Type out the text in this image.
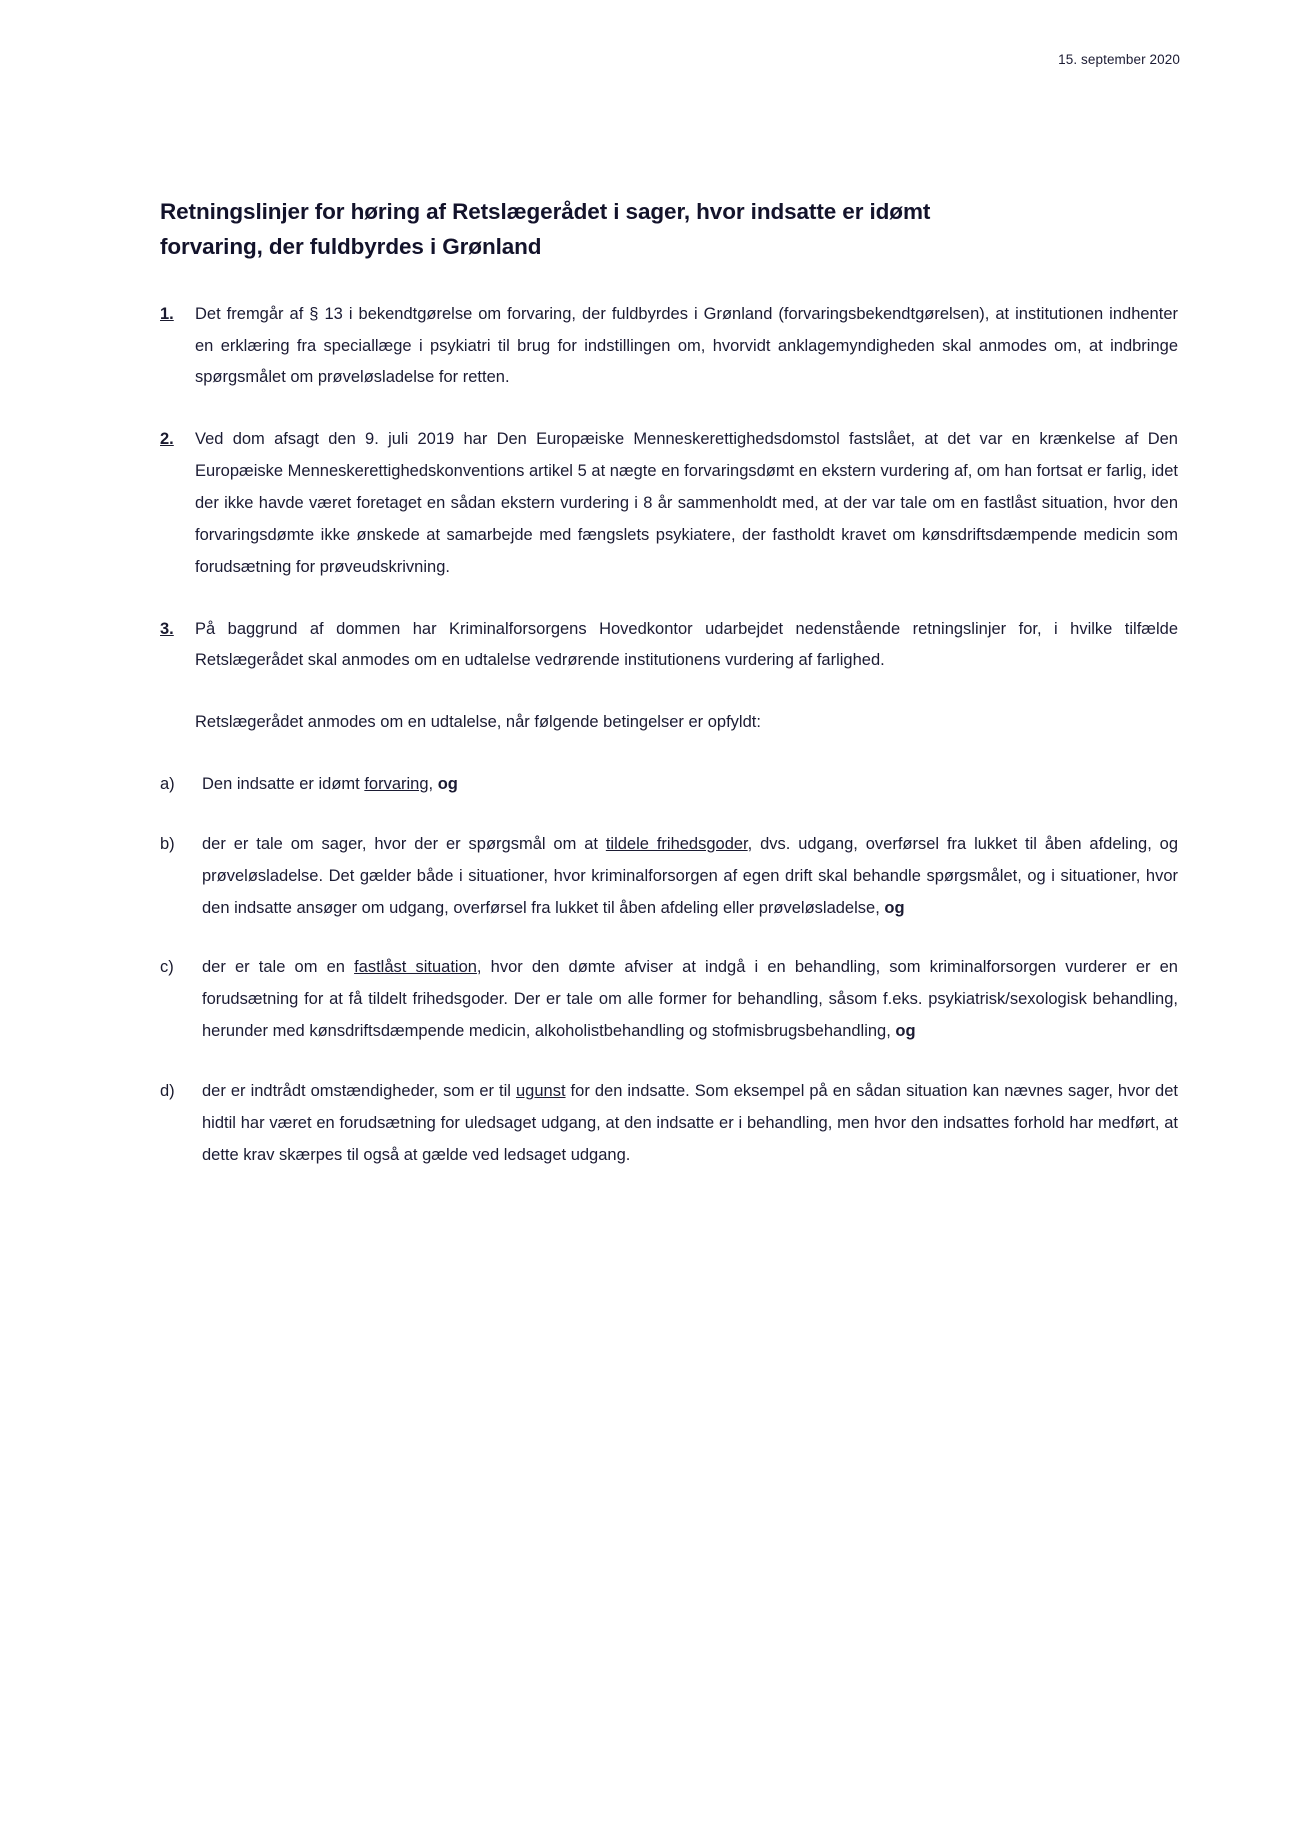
15. september 2020
Retningslinjer for høring af Retslægerådet i sager, hvor indsatte er idømt
forvaring, der fuldbyrdes i Grønland
1. Det fremgår af § 13 i bekendtgørelse om forvaring, der fuldbyrdes i Grønland (forvaringsbekendtgørelsen), at institutionen indhenter en erklæring fra speciallæge i psykiatri til brug for indstillingen om, hvorvidt anklagemyndigheden skal anmodes om, at indbringe spørgsmålet om prøveløsladelse for retten.
2. Ved dom afsagt den 9. juli 2019 har Den Europæiske Menneskerettighedsdomstol fastslået, at det var en krænkelse af Den Europæiske Menneskerettighedskonventions artikel 5 at nægte en forvaringsdømt en ekstern vurdering af, om han fortsat er farlig, idet der ikke havde været foretaget en sådan ekstern vurdering i 8 år sammenholdt med, at der var tale om en fastlåst situation, hvor den forvaringsdømte ikke ønskede at samarbejde med fængslets psykiatere, der fastholdt kravet om kønsdriftsdæmpende medicin som forudsætning for prøveudskrivning.
3. På baggrund af dommen har Kriminalforsorgens Hovedkontor udarbejdet nedenstående retningslinjer for, i hvilke tilfælde Retslægerådet skal anmodes om en udtalelse vedrørende institutionens vurdering af farlighed.
Retslægerådet anmodes om en udtalelse, når følgende betingelser er opfyldt:
a) Den indsatte er idømt forvaring, og
b) der er tale om sager, hvor der er spørgsmål om at tildele frihedsgoder, dvs. udgang, overførsel fra lukket til åben afdeling, og prøveløsladelse. Det gælder både i situationer, hvor kriminalforsorgen af egen drift skal behandle spørgsmålet, og i situationer, hvor den indsatte ansøger om udgang, overførsel fra lukket til åben afdeling eller prøveløsladelse, og
c) der er tale om en fastlåst situation, hvor den dømte afviser at indgå i en behandling, som kriminalforsorgen vurderer er en forudsætning for at få tildelt frihedsgoder. Der er tale om alle former for behandling, såsom f.eks. psykiatrisk/sexologisk behandling, herunder med kønsdriftsdæmpende medicin, alkoholistbehandling og stofmisbrugsbehandling, og
d) der er indtrådt omstændigheder, som er til ugunst for den indsatte. Som eksempel på en sådan situation kan nævnes sager, hvor det hidtil har været en forudsætning for uledsaget udgang, at den indsatte er i behandling, men hvor den indsattes forhold har medført, at dette krav skærpes til også at gælde ved ledsaget udgang.
